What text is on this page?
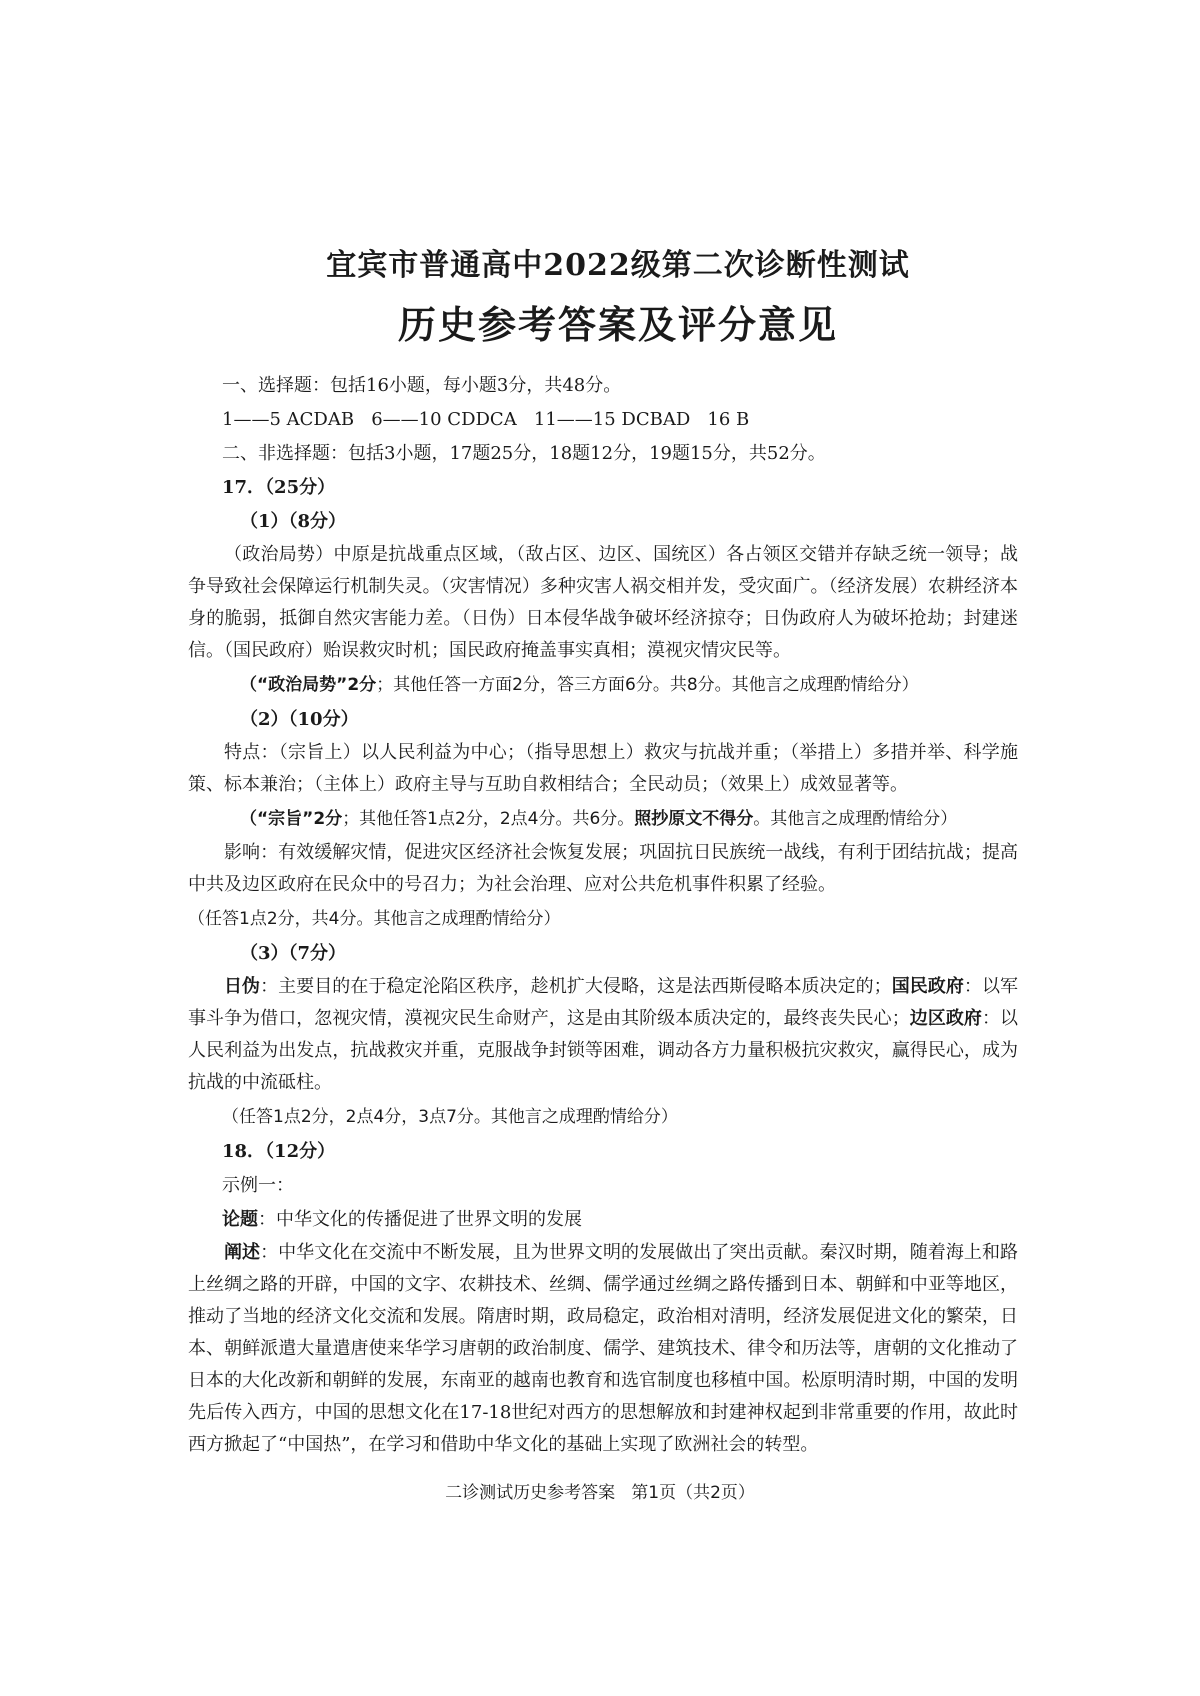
宜宾市普通高中2022级第二次诊断性测试
历史参考答案及评分意见

一、选择题：包括16小题，每小题3分，共48分。

1——5 ACDAB   6——10 CDDCA   11——15 DCBAD   16 B

二、非选择题：包括3小题，17题25分，18题12分，19题15分，共52分。

17．（25分）

（1）（8分）

（政治局势）中原是抗战重点区域，（敌占区、边区、国统区）各占领区交错并存缺乏统一领导；战争导致社会保障运行机制失灵。（灾害情况）多种灾害人祸交相并发，受灾面广。（经济发展）农耕经济本身的脆弱，抵御自然灾害能力差。（日伪）日本侵华战争破坏经济掠夺；日伪政府人为破坏抢劫；封建迷信。（国民政府）贻误救灾时机；国民政府掩盖事实真相；漠视灾情灾民等。

（“政治局势”2分；其他任答一方面2分，答三方面6分。共8分。其他言之成理酌情给分）

（2）（10分）

特点：（宗旨上）以人民利益为中心；（指导思想上）救灾与抗战并重；（举措上）多措并举、科学施策、标本兼治；（主体上）政府主导与互助自救相结合；全民动员；（效果上）成效显著等。

（“宗旨”2分；其他任答1点2分，2点4分。共6分。照抄原文不得分。其他言之成理酌情给分）

影响：有效缓解灾情，促进灾区经济社会恢复发展；巩固抗日民族统一战线，有利于团结抗战；提高中共及边区政府在民众中的号召力；为社会治理、应对公共危机事件积累了经验。

（任答1点2分，共4分。其他言之成理酌情给分）

（3）（7分）

日伪：主要目的在于稳定沦陷区秩序，趁机扩大侵略，这是法西斯侵略本质决定的；国民政府：以军事斗争为借口，忽视灾情，漠视灾民生命财产，这是由其阶级本质决定的，最终丧失民心；边区政府：以人民利益为出发点，抗战救灾并重，克服战争封锁等困难，调动各方力量积极抗灾救灾，赢得民心，成为抗战的中流砥柱。

（任答1点2分，2点4分，3点7分。其他言之成理酌情给分）

18．（12分）

示例一：

论题：中华文化的传播促进了世界文明的发展

阐述：中华文化在交流中不断发展，且为世界文明的发展做出了突出贡献。秦汉时期，随着海上和路上丝绸之路的开辟，中国的文字、农耕技术、丝绸、儒学通过丝绸之路传播到日本、朝鲜和中亚等地区，推动了当地的经济文化交流和发展。隋唐时期，政局稳定，政治相对清明，经济发展促进文化的繁荣，日本、朝鲜派遣大量遣唐使来华学习唐朝的政治制度、儒学、建筑技术、律令和历法等，唐朝的文化推动了日本的大化改新和朝鲜的发展，东南亚的越南也教育和选官制度也移植中国。松原明清时期，中国的发明先后传入西方，中国的思想文化在17-18世纪对西方的思想解放和封建神权起到非常重要的作用，故此时西方掀起了“中国热”，在学习和借助中华文化的基础上实现了欧洲社会的转型。

二诊测试历史参考答案   第1页（共2页）
